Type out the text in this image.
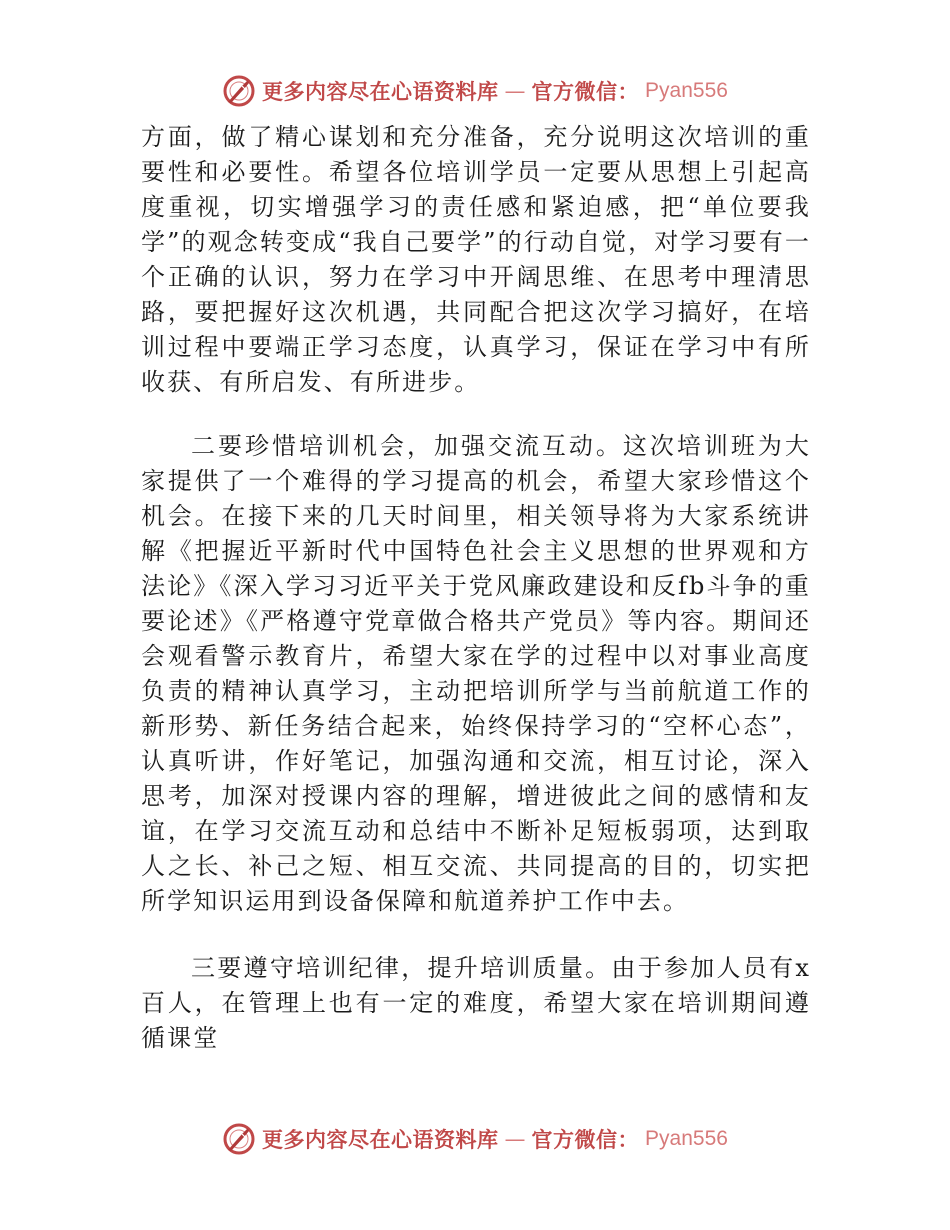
更多内容尽在心语资料库 — 官方微信： Pyan556

方面，做了精心谋划和充分准备，充分说明这次培训的重要性和必要性。希望各位培训学员一定要从思想上引起高度重视，切实增强学习的责任感和紧迫感，把“单位要我学”的观念转变成“我自己要学”的行动自觉，对学习要有一个正确的认识，努力在学习中开阔思维、在思考中理清思路，要把握好这次机遇，共同配合把这次学习搞好，在培训过程中要端正学习态度，认真学习，保证在学习中有所收获、有所启发、有所进步。

二要珍惜培训机会，加强交流互动。这次培训班为大家提供了一个难得的学习提高的机会，希望大家珍惜这个机会。在接下来的几天时间里，相关领导将为大家系统讲解《把握近平新时代中国特色社会主义思想的世界观和方法论》《深入学习习近平关于党风廉政建设和反fb斗争的重要论述》《严格遵守党章做合格共产党员》等内容。期间还会观看警示教育片，希望大家在学的过程中以对事业高度负责的精神认真学习，主动把培训所学与当前航道工作的新形势、新任务结合起来，始终保持学习的“空杯心态”，认真听讲，作好笔记，加强沟通和交流，相互讨论，深入思考，加深对授课内容的理解，增进彼此之间的感情和友谊，在学习交流互动和总结中不断补足短板弱项，达到取人之长、补己之短、相互交流、共同提高的目的，切实把所学知识运用到设备保障和航道养护工作中去。

三要遵守培训纪律，提升培训质量。由于参加人员有x百人，在管理上也有一定的难度，希望大家在培训期间遵循课堂

更多内容尽在心语资料库 — 官方微信： Pyan556
